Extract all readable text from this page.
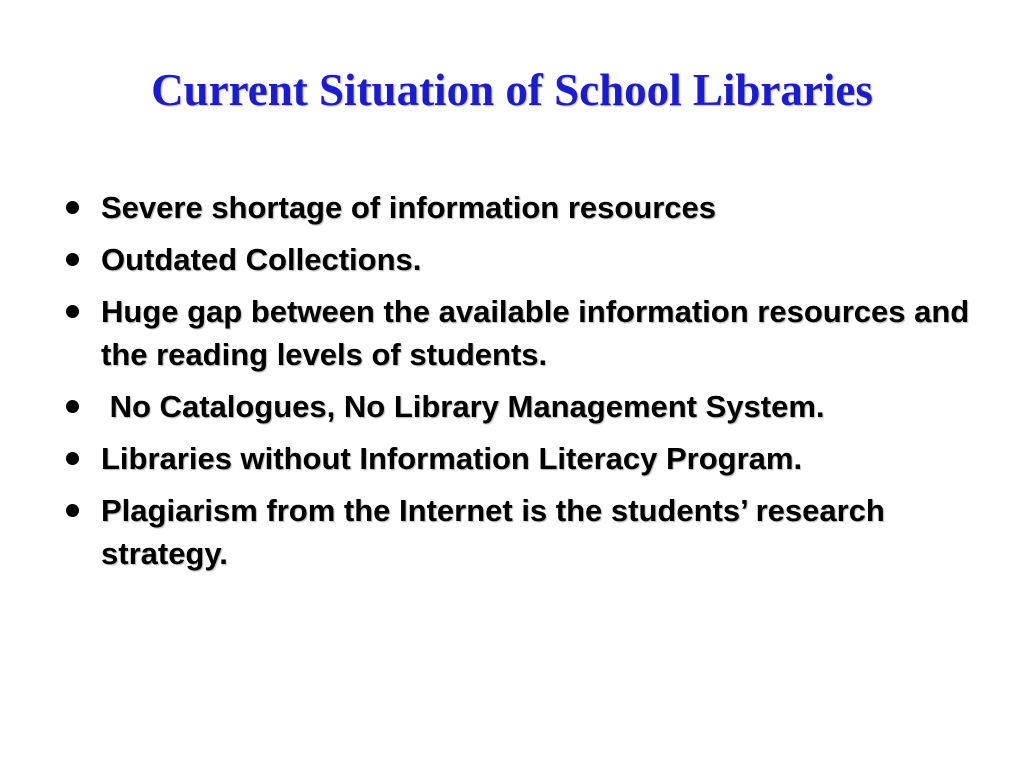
Current Situation of School Libraries
Severe shortage of information resources
Outdated Collections.
Huge gap between the available information resources and the reading levels of students.
No Catalogues, No Library Management System.
Libraries without Information Literacy Program.
Plagiarism from the Internet is the students’ research strategy.
